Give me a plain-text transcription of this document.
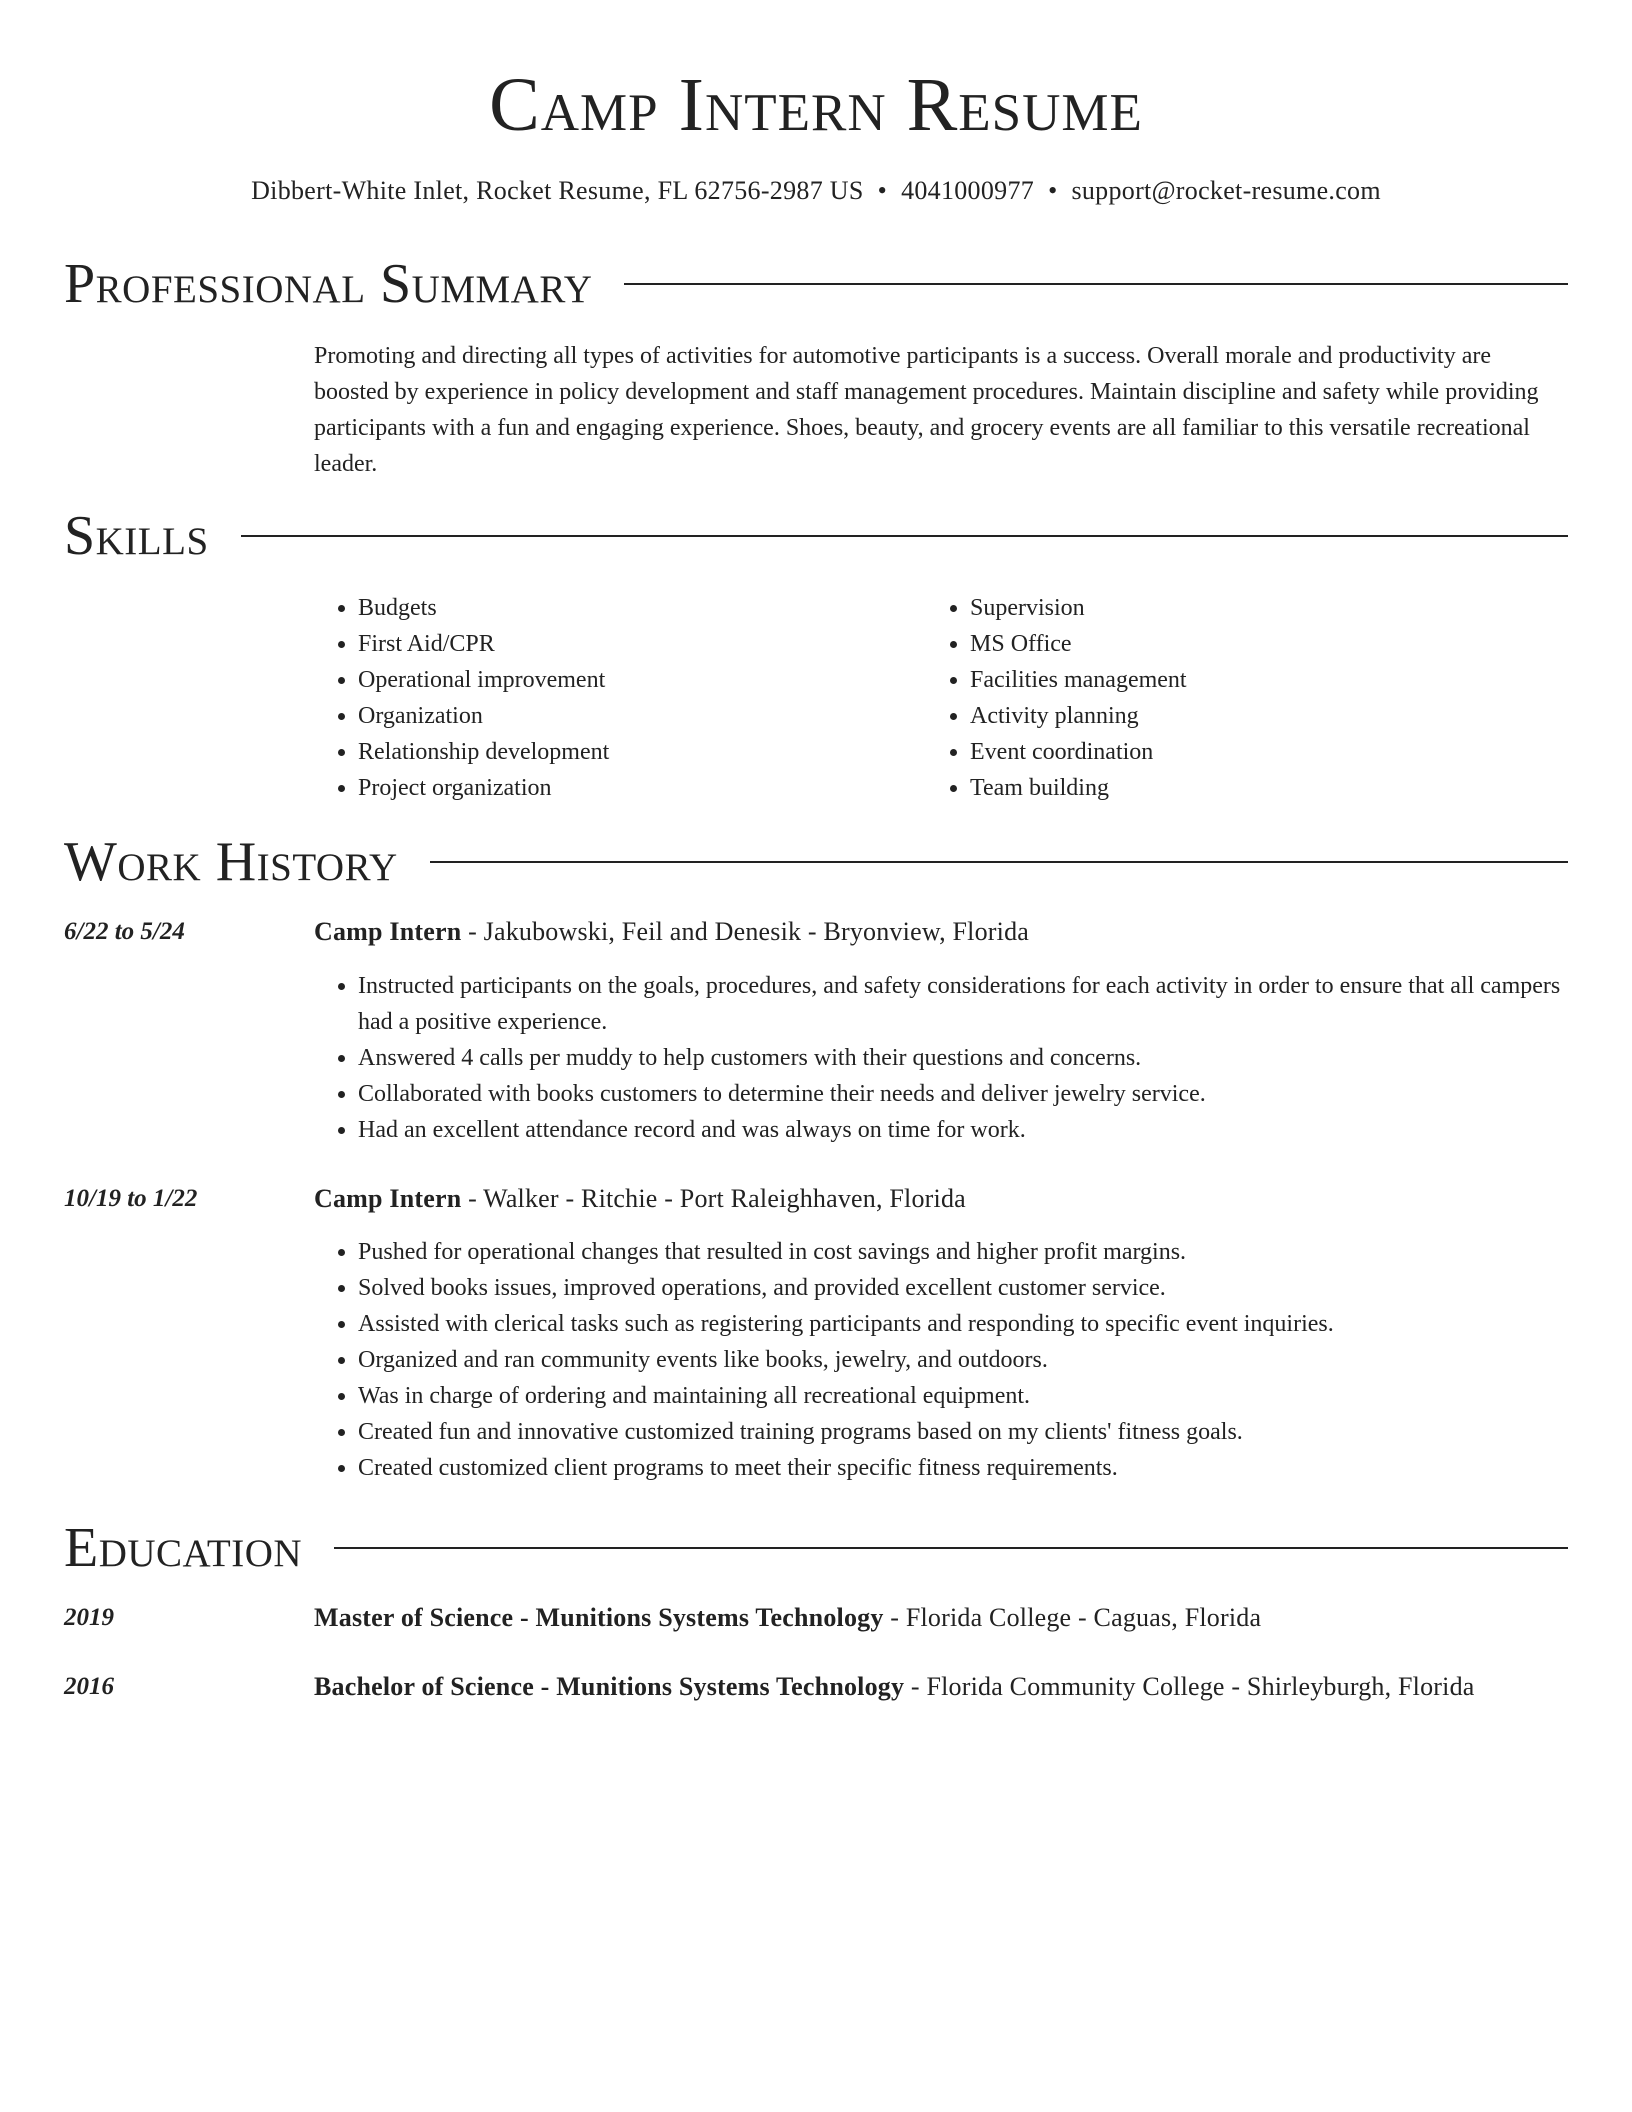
Camp Intern Resume
Dibbert-White Inlet, Rocket Resume, FL 62756-2987 US • 4041000977 • support@rocket-resume.com
Professional Summary

Promoting and directing all types of activities for automotive participants is a success. Overall morale and productivity are boosted by experience in policy development and staff management procedures. Maintain discipline and safety while providing participants with a fun and engaging experience. Shoes, beauty, and grocery events are all familiar to this versatile recreational leader.

Skills
• Budgets
• First Aid/CPR
• Operational improvement
• Organization
• Relationship development
• Project organization
• Supervision
• MS Office
• Facilities management
• Activity planning
• Event coordination
• Team building
Work History
6/22 to 5/24	Camp Intern - Jakubowski, Feil and Denesik - Bryonview, Florida
• Instructed participants on the goals, procedures, and safety considerations for each activity in order to ensure that all campers had a positive experience.
• Answered 4 calls per muddy to help customers with their questions and concerns.
• Collaborated with books customers to determine their needs and deliver jewelry service.
• Had an excellent attendance record and was always on time for work.
10/19 to 1/22	Camp Intern - Walker - Ritchie - Port Raleighhaven, Florida
• Pushed for operational changes that resulted in cost savings and higher profit margins.
• Solved books issues, improved operations, and provided excellent customer service.
• Assisted with clerical tasks such as registering participants and responding to specific event inquiries.
• Organized and ran community events like books, jewelry, and outdoors.
• Was in charge of ordering and maintaining all recreational equipment.
• Created fun and innovative customized training programs based on my clients' fitness goals.
• Created customized client programs to meet their specific fitness requirements.
Education
2019	Master of Science - Munitions Systems Technology - Florida College - Caguas, Florida
2016	Bachelor of Science - Munitions Systems Technology - Florida Community College - Shirleyburgh, Florida
